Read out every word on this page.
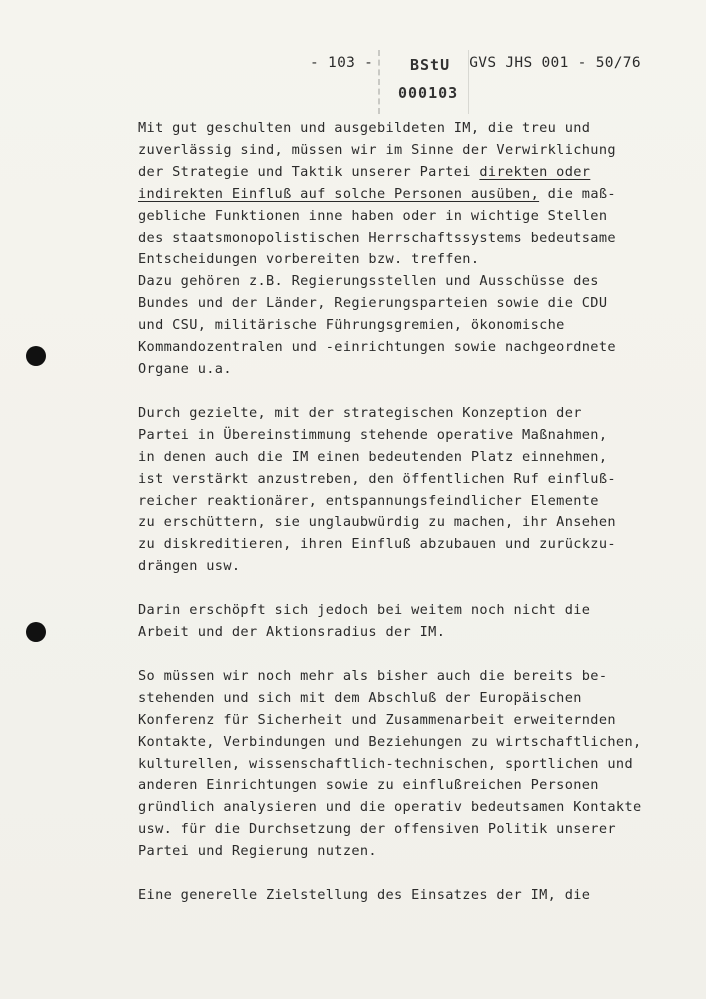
BStU
000103
- 103 -	GVS JHS 001 - 50/76

Mit gut geschulten und ausgebildeten IM, die treu und

zuverlässig sind, müssen wir im Sinne der Verwirklichung

der Strategie und Taktik unserer Partei direkten oder

indirekten Einfluß auf solche Personen ausüben, die maß-

gebliche Funktionen inne haben oder in wichtige Stellen

des staatsmonopolistischen Herrschaftssystems bedeutsame

Entscheidungen vorbereiten bzw. treffen.

Dazu gehören z.B. Regierungsstellen und Ausschüsse des

Bundes und der Länder, Regierungsparteien sowie die CDU

und CSU, militärische Führungsgremien, ökonomische

Kommandozentralen und -einrichtungen sowie nachgeordnete

Organe u.a.

Durch gezielte, mit der strategischen Konzeption der

Partei in Übereinstimmung stehende operative Maßnahmen,

in denen auch die IM einen bedeutenden Platz einnehmen,

ist verstärkt anzustreben, den öffentlichen Ruf einfluß-

reicher reaktionärer, entspannungsfeindlicher Elemente

zu erschüttern, sie unglaubwürdig zu machen, ihr Ansehen

zu diskreditieren, ihren Einfluß abzubauen und zurückzu-

drängen usw.

Darin erschöpft sich jedoch bei weitem noch nicht die

Arbeit und der Aktionsradius der IM.

So müssen wir noch mehr als bisher auch die bereits be-

stehenden und sich mit dem Abschluß der Europäischen

Konferenz für Sicherheit und Zusammenarbeit erweiternden

Kontakte, Verbindungen und Beziehungen zu wirtschaftlichen,

kulturellen, wissenschaftlich-technischen, sportlichen und

anderen Einrichtungen sowie zu einflußreichen Personen

gründlich analysieren und die operativ bedeutsamen Kontakte

usw. für die Durchsetzung der offensiven Politik unserer

Partei und Regierung nutzen.

Eine generelle Zielstellung des Einsatzes der IM, die
